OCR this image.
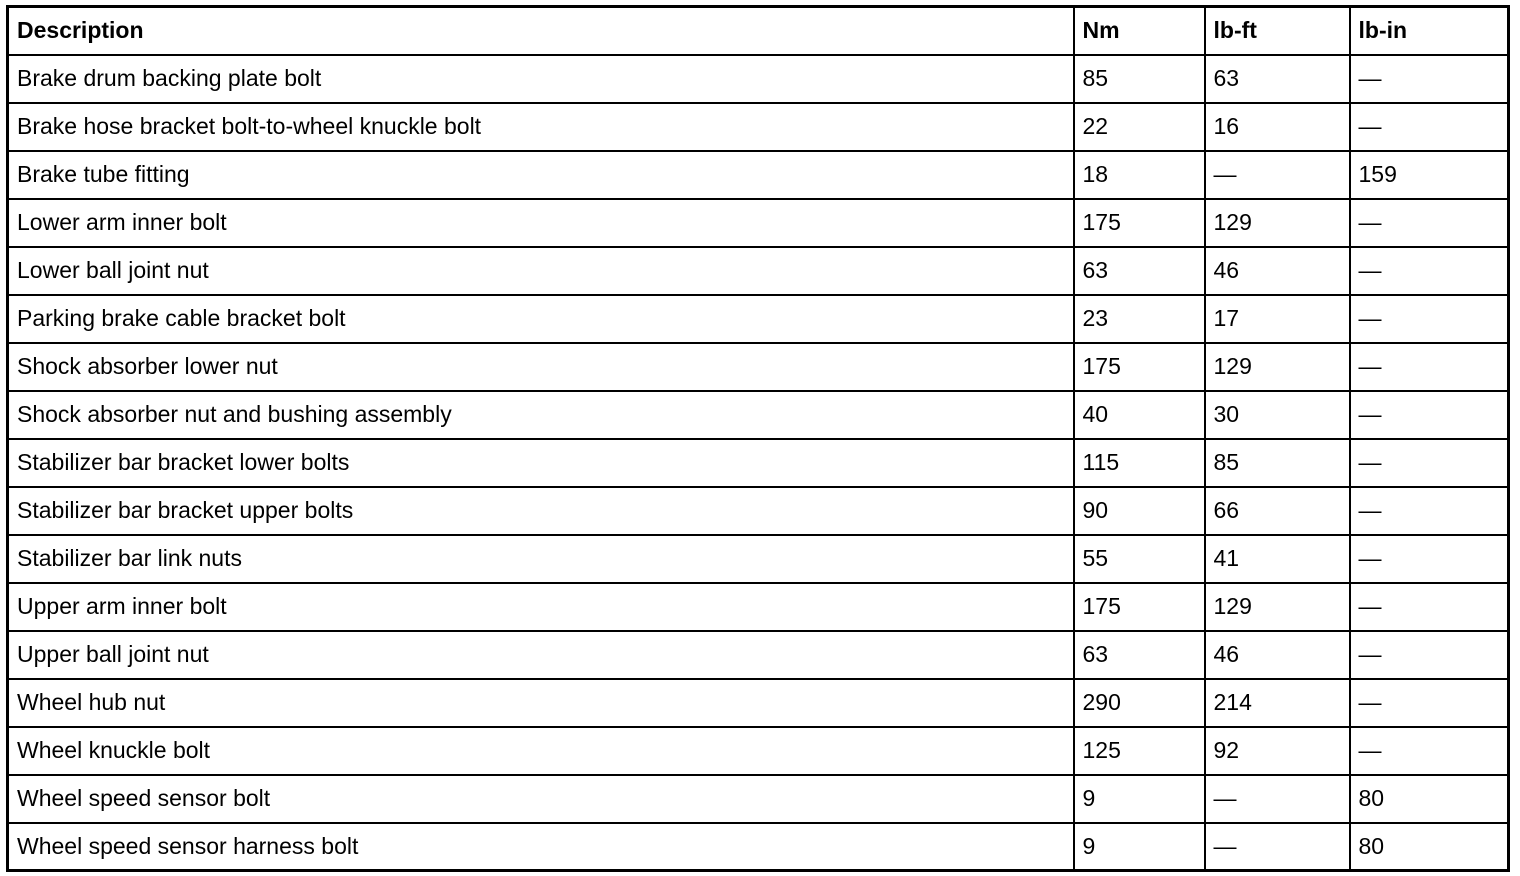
Description	Nm	lb-ft	lb-in
Brake drum backing plate bolt	85	63	—
Brake hose bracket bolt-to-wheel knuckle bolt	22	16	—
Brake tube fitting	18	—	159
Lower arm inner bolt	175	129	—
Lower ball joint nut	63	46	—
Parking brake cable bracket bolt	23	17	—
Shock absorber lower nut	175	129	—
Shock absorber nut and bushing assembly	40	30	—
Stabilizer bar bracket lower bolts	115	85	—
Stabilizer bar bracket upper bolts	90	66	—
Stabilizer bar link nuts	55	41	—
Upper arm inner bolt	175	129	—
Upper ball joint nut	63	46	—
Wheel hub nut	290	214	—
Wheel knuckle bolt	125	92	—
Wheel speed sensor bolt	9	—	80
Wheel speed sensor harness bolt	9	—	80
